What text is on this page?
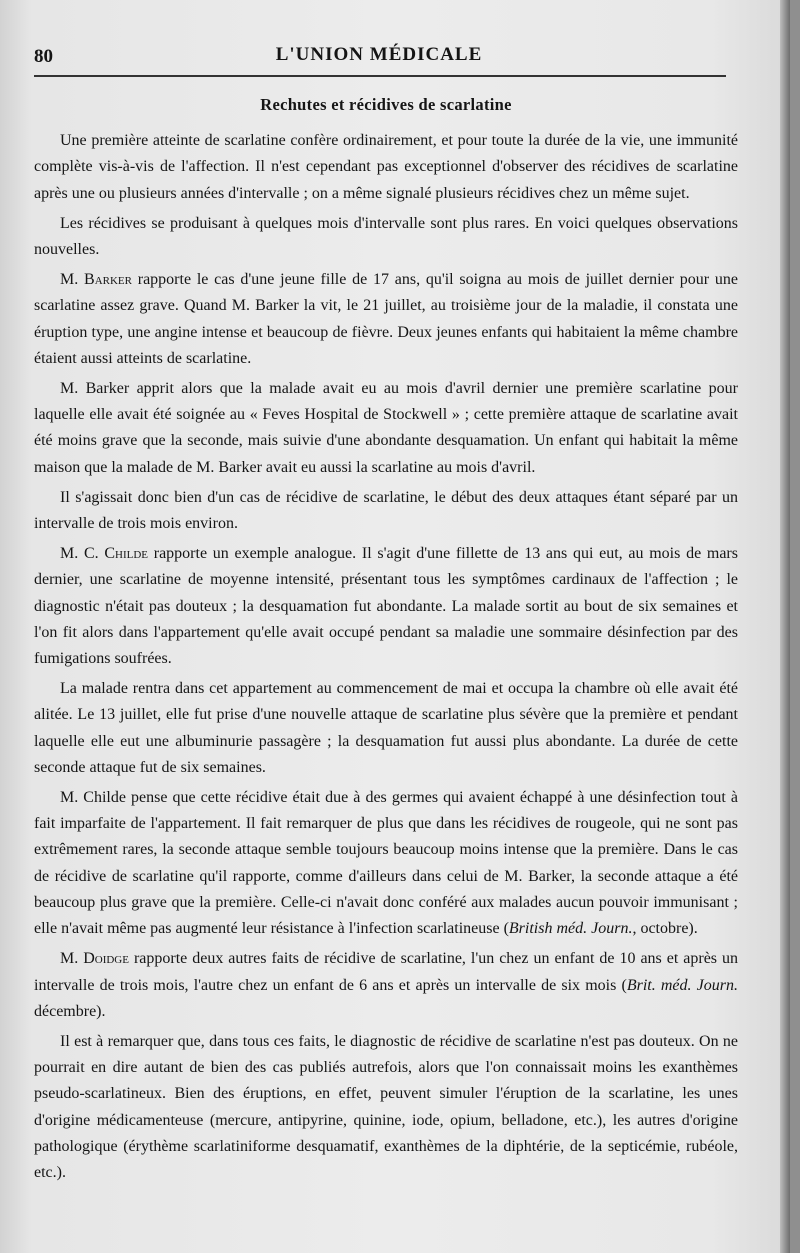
80	L'UNION MÉDICALE
Rechutes et récidives de scarlatine

Une première atteinte de scarlatine confère ordinairement, et pour toute la durée de la vie, une immunité complète vis-à-vis de l'affection. Il n'est cependant pas exceptionnel d'observer des récidives de scarlatine après une ou plusieurs années d'intervalle ; on a même signalé plusieurs récidives chez un même sujet.

Les récidives se produisant à quelques mois d'intervalle sont plus rares. En voici quelques observations nouvelles.

M. Barker rapporte le cas d'une jeune fille de 17 ans, qu'il soigna au mois de juillet dernier pour une scarlatine assez grave. Quand M. Barker la vit, le 21 juillet, au troisième jour de la maladie, il constata une éruption type, une angine intense et beaucoup de fièvre. Deux jeunes enfants qui habitaient la même chambre étaient aussi atteints de scarlatine.

M. Barker apprit alors que la malade avait eu au mois d'avril dernier une première scarlatine pour laquelle elle avait été soignée au « Feves Hospital de Stockwell » ; cette première attaque de scarlatine avait été moins grave que la seconde, mais suivie d'une abondante desquamation. Un enfant qui habitait la même maison que la malade de M. Barker avait eu aussi la scarlatine au mois d'avril.

Il s'agissait donc bien d'un cas de récidive de scarlatine, le début des deux attaques étant séparé par un intervalle de trois mois environ.

M. C. Childe rapporte un exemple analogue. Il s'agit d'une fillette de 13 ans qui eut, au mois de mars dernier, une scarlatine de moyenne intensité, présentant tous les symptômes cardinaux de l'affection ; le diagnostic n'était pas douteux ; la desquamation fut abondante. La malade sortit au bout de six semaines et l'on fit alors dans l'appartement qu'elle avait occupé pendant sa maladie une sommaire désinfection par des fumigations soufrées.

La malade rentra dans cet appartement au commencement de mai et occupa la chambre où elle avait été alitée. Le 13 juillet, elle fut prise d'une nouvelle attaque de scarlatine plus sévère que la première et pendant laquelle elle eut une albuminurie passagère ; la desquamation fut aussi plus abondante. La durée de cette seconde attaque fut de six semaines.

M. Childe pense que cette récidive était due à des germes qui avaient échappé à une désinfection tout à fait imparfaite de l'appartement. Il fait remarquer de plus que dans les récidives de rougeole, qui ne sont pas extrêmement rares, la seconde attaque semble toujours beaucoup moins intense que la première. Dans le cas de récidive de scarlatine qu'il rapporte, comme d'ailleurs dans celui de M. Barker, la seconde attaque a été beaucoup plus grave que la première. Celle-ci n'avait donc conféré aux malades aucun pouvoir immunisant ; elle n'avait même pas augmenté leur résistance à l'infection scarlatineuse (British méd. Journ., octobre).

M. Doidge rapporte deux autres faits de récidive de scarlatine, l'un chez un enfant de 10 ans et après un intervalle de trois mois, l'autre chez un enfant de 6 ans et après un intervalle de six mois (Brit. méd. Journ. décembre).

Il est à remarquer que, dans tous ces faits, le diagnostic de récidive de scarlatine n'est pas douteux. On ne pourrait en dire autant de bien des cas publiés autrefois, alors que l'on connaissait moins les exanthèmes pseudo-scarlatineux. Bien des éruptions, en effet, peuvent simuler l'éruption de la scarlatine, les unes d'origine médicamenteuse (mercure, antipyrine, quinine, iode, opium, belladone, etc.), les autres d'origine pathologique (érythème scarlatiniforme desquamatif, exanthèmes de la diphtérie, de la septicémie, rubéole, etc.).
